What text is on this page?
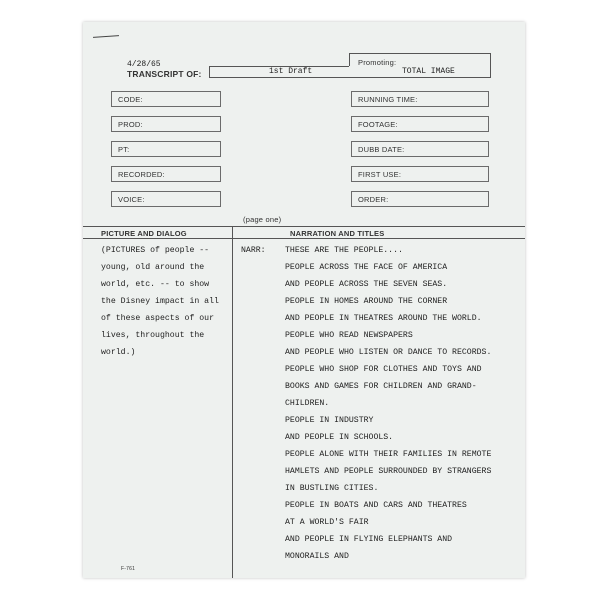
4/28/65
TRANSCRIPT OF:	1st Draft
Promoting:
TOTAL IMAGE
CODE:
PROD:
PT:
RECORDED:
VOICE:
RUNNING TIME:
FOOTAGE:
DUBB DATE:
FIRST USE:
ORDER:
(page one)
PICTURE AND DIALOG	NARRATION AND TITLES
(PICTURES of people --
young, old around the
world, etc. -- to show
the Disney impact in all
of these aspects of our
lives, throughout the
world.)
NARR: THESE ARE THE PEOPLE....
PEOPLE ACROSS THE FACE OF AMERICA
AND PEOPLE ACROSS THE SEVEN SEAS.
PEOPLE IN HOMES AROUND THE CORNER
AND PEOPLE IN THEATRES AROUND THE WORLD.
PEOPLE WHO READ NEWSPAPERS
AND PEOPLE WHO LISTEN OR DANCE TO RECORDS.
PEOPLE WHO SHOP FOR CLOTHES AND TOYS AND
BOOKS AND GAMES FOR CHILDREN AND GRAND-
CHILDREN.
PEOPLE IN INDUSTRY
AND PEOPLE IN SCHOOLS.
PEOPLE ALONE WITH THEIR FAMILIES IN REMOTE
HAMLETS AND PEOPLE SURROUNDED BY STRANGERS
IN BUSTLING CITIES.
PEOPLE IN BOATS AND CARS AND THEATRES
AT A WORLD'S FAIR
AND PEOPLE IN FLYING ELEPHANTS AND
MONORAILS AND
F-761
